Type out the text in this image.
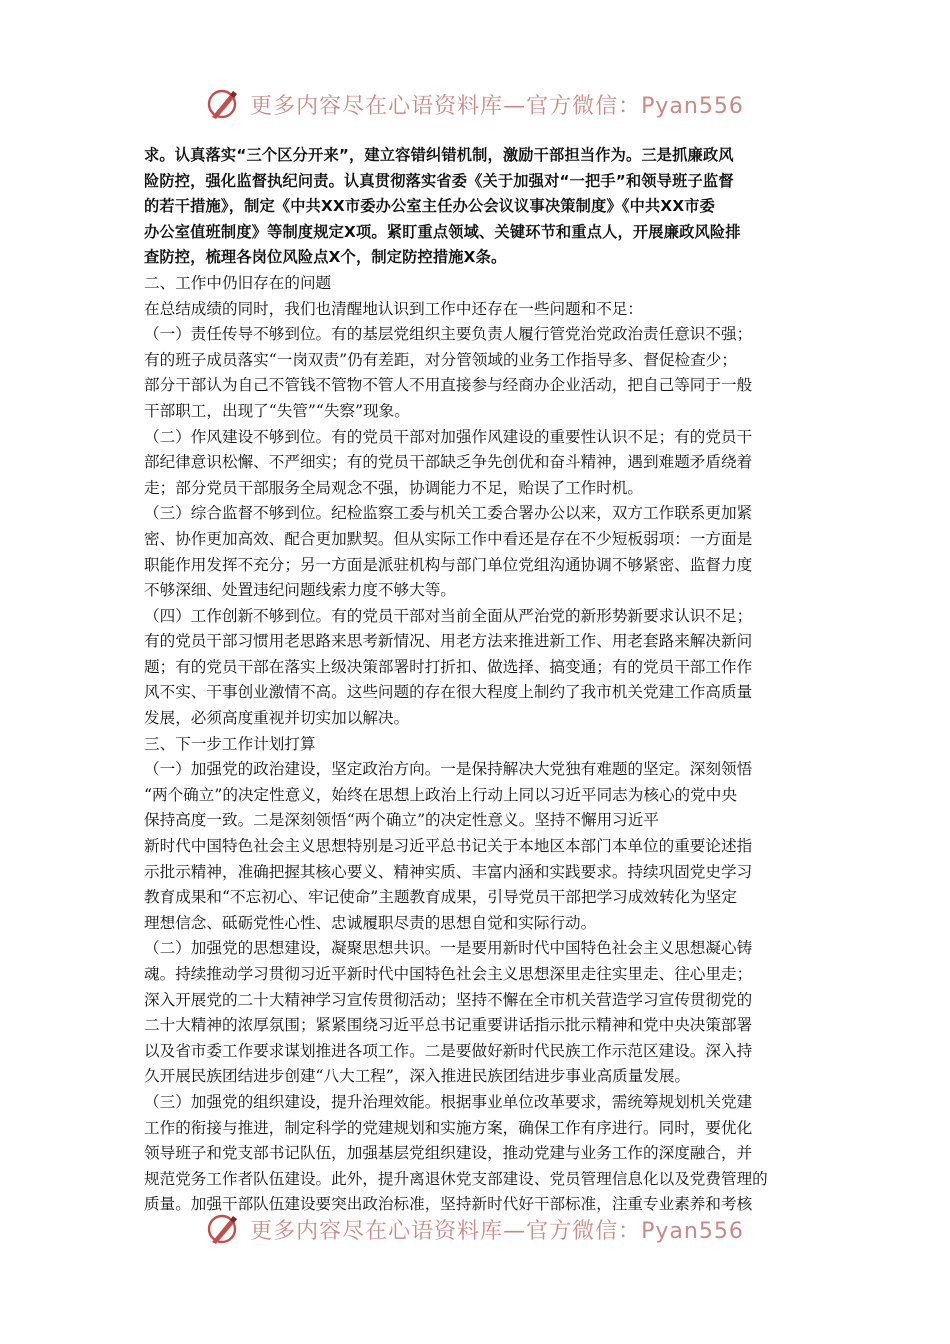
更多内容尽在心语资料库—官方微信：Pyan556
求。认真落实“三个区分开来”，建立容错纠错机制，激励干部担当作为。三是抓廉政风
险防控，强化监督执纪问责。认真贯彻落实省委《关于加强对“一把手”和领导班子监督
的若干措施》，制定《中共XX市委办公室主任办公会议议事决策制度》《中共XX市委
办公室值班制度》等制度规定X项。紧盯重点领域、关键环节和重点人，开展廉政风险排
查防控，梳理各岗位风险点X个，制定防控措施X条。
二、工作中仍旧存在的问题
在总结成绩的同时，我们也清醒地认识到工作中还存在一些问题和不足：
（一）责任传导不够到位。有的基层党组织主要负责人履行管党治党政治责任意识不强；
有的班子成员落实“一岗双责”仍有差距，对分管领域的业务工作指导多、督促检查少；
部分干部认为自己不管钱不管物不管人不用直接参与经商办企业活动，把自己等同于一般
干部职工，出现了“失管”“失察”现象。
（二）作风建设不够到位。有的党员干部对加强作风建设的重要性认识不足；有的党员干
部纪律意识松懈、不严细实；有的党员干部缺乏争先创优和奋斗精神，遇到难题矛盾绕着
走；部分党员干部服务全局观念不强，协调能力不足，贻误了工作时机。
（三）综合监督不够到位。纪检监察工委与机关工委合署办公以来，双方工作联系更加紧
密、协作更加高效、配合更加默契。但从实际工作中看还是存在不少短板弱项：一方面是
职能作用发挥不充分；另一方面是派驻机构与部门单位党组沟通协调不够紧密、监督力度
不够深细、处置违纪问题线索力度不够大等。
（四）工作创新不够到位。有的党员干部对当前全面从严治党的新形势新要求认识不足；
有的党员干部习惯用老思路来思考新情况、用老方法来推进新工作、用老套路来解决新问
题；有的党员干部在落实上级决策部署时打折扣、做选择、搞变通；有的党员干部工作作
风不实、干事创业激情不高。这些问题的存在很大程度上制约了我市机关党建工作高质量
发展，必须高度重视并切实加以解决。
三、下一步工作计划打算
（一）加强党的政治建设，坚定政治方向。一是保持解决大党独有难题的坚定。深刻领悟
“两个确立”的决定性意义，始终在思想上政治上行动上同以习近平同志为核心的党中央
保持高度一致。二是深刻领悟“两个确立”的决定性意义。坚持不懈用习近平
新时代中国特色社会主义思想特别是习近平总书记关于本地区本部门本单位的重要论述指
示批示精神，准确把握其核心要义、精神实质、丰富内涵和实践要求。持续巩固党史学习
教育成果和“不忘初心、牢记使命”主题教育成果，引导党员干部把学习成效转化为坚定
理想信念、砥砺党性心性、忠诚履职尽责的思想自觉和实际行动。
（二）加强党的思想建设，凝聚思想共识。一是要用新时代中国特色社会主义思想凝心铸
魂。持续推动学习贯彻习近平新时代中国特色社会主义思想深里走往实里走、往心里走；
深入开展党的二十大精神学习宣传贯彻活动；坚持不懈在全市机关营造学习宣传贯彻党的
二十大精神的浓厚氛围；紧紧围绕习近平总书记重要讲话指示批示精神和党中央决策部署
以及省市委工作要求谋划推进各项工作。二是要做好新时代民族工作示范区建设。深入持
久开展民族团结进步创建“八大工程”，深入推进民族团结进步事业高质量发展。
（三）加强党的组织建设，提升治理效能。根据事业单位改革要求，需统筹规划机关党建
工作的衔接与推进，制定科学的党建规划和实施方案，确保工作有序进行。同时，要优化
领导班子和党支部书记队伍，加强基层党组织建设，推动党建与业务工作的深度融合，并
规范党务工作者队伍建设。此外，提升离退休党支部建设、党员管理信息化以及党费管理的
质量。加强干部队伍建设要突出政治标准，坚持新时代好干部标准，注重专业素养和考核
更多内容尽在心语资料库—官方微信：Pyan556
